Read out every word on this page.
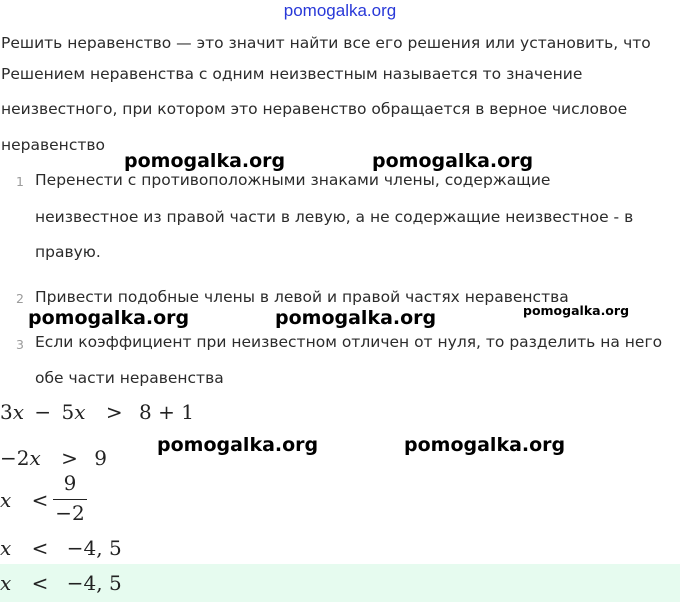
pomogalka.org
Решить неравенство — это значит найти все его решения или установить, что
Решением неравенства с одним неизвестным называется то значение
неизвестного, при котором это неравенство обращается в верное числовое
неравенство
1 Перенести с противоположными знаками члены, содержащие
неизвестное из правой части в левую, а не содержащие неизвестное - в
правую.
2 Привести подобные члены в левой и правой частях неравенства
3 Если коэффициент при неизвестном отличен от нуля, то разделить на него
обе части неравенства
pomogalka.org	pomogalka.org
pomogalka.org	pomogalka.org	pomogalka.org
pomogalka.org	pomogalka.org
3x − 5x > 8 + 1
−2x > 9
x <
9
−2
x < −4, 5
x < −4, 5
